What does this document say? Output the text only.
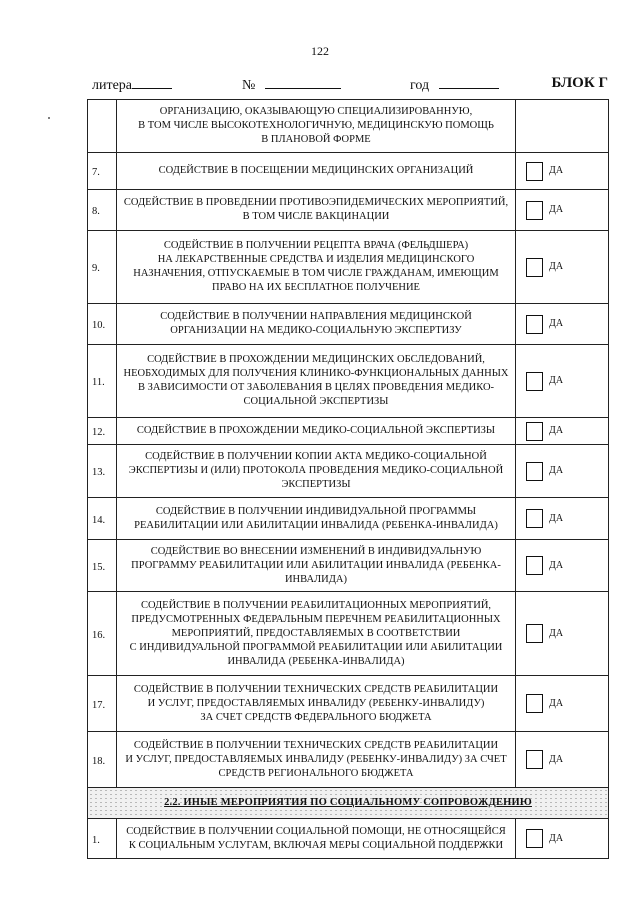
122
литера	№	год	БЛОК Г
	ОРГАНИЗАЦИЮ, ОКАЗЫВАЮЩУЮ СПЕЦИАЛИЗИРОВАННУЮ,
В ТОМ ЧИСЛЕ ВЫСОКОТЕХНОЛОГИЧНУЮ, МЕДИЦИНСКУЮ ПОМОЩЬ
В ПЛАНОВОЙ ФОРМЕ	
7.	СОДЕЙСТВИЕ В ПОСЕЩЕНИИ МЕДИЦИНСКИХ ОРГАНИЗАЦИЙ	ДА
8.	СОДЕЙСТВИЕ В ПРОВЕДЕНИИ ПРОТИВОЭПИДЕМИЧЕСКИХ МЕРОПРИЯТИЙ,
В ТОМ ЧИСЛЕ ВАКЦИНАЦИИ	ДА
9.	СОДЕЙСТВИЕ В ПОЛУЧЕНИИ РЕЦЕПТА ВРАЧА (ФЕЛЬДШЕРА)
НА ЛЕКАРСТВЕННЫЕ СРЕДСТВА И ИЗДЕЛИЯ МЕДИЦИНСКОГО
НАЗНАЧЕНИЯ, ОТПУСКАЕМЫЕ В ТОМ ЧИСЛЕ ГРАЖДАНАМ, ИМЕЮЩИМ
ПРАВО НА ИХ БЕСПЛАТНОЕ ПОЛУЧЕНИЕ	ДА
10.	СОДЕЙСТВИЕ В ПОЛУЧЕНИИ НАПРАВЛЕНИЯ МЕДИЦИНСКОЙ
ОРГАНИЗАЦИИ НА МЕДИКО-СОЦИАЛЬНУЮ ЭКСПЕРТИЗУ	ДА
11.	СОДЕЙСТВИЕ В ПРОХОЖДЕНИИ МЕДИЦИНСКИХ ОБСЛЕДОВАНИЙ,
НЕОБХОДИМЫХ ДЛЯ ПОЛУЧЕНИЯ КЛИНИКО-ФУНКЦИОНАЛЬНЫХ ДАННЫХ
В ЗАВИСИМОСТИ ОТ ЗАБОЛЕВАНИЯ В ЦЕЛЯХ ПРОВЕДЕНИЯ МЕДИКО-
СОЦИАЛЬНОЙ ЭКСПЕРТИЗЫ	ДА
12.	СОДЕЙСТВИЕ В ПРОХОЖДЕНИИ МЕДИКО-СОЦИАЛЬНОЙ ЭКСПЕРТИЗЫ	ДА
13.	СОДЕЙСТВИЕ В ПОЛУЧЕНИИ КОПИИ АКТА МЕДИКО-СОЦИАЛЬНОЙ
ЭКСПЕРТИЗЫ И (ИЛИ) ПРОТОКОЛА ПРОВЕДЕНИЯ МЕДИКО-СОЦИАЛЬНОЙ
ЭКСПЕРТИЗЫ	ДА
14.	СОДЕЙСТВИЕ В ПОЛУЧЕНИИ ИНДИВИДУАЛЬНОЙ ПРОГРАММЫ
РЕАБИЛИТАЦИИ ИЛИ АБИЛИТАЦИИ ИНВАЛИДА (РЕБЕНКА-ИНВАЛИДА)	ДА
15.	СОДЕЙСТВИЕ ВО ВНЕСЕНИИ ИЗМЕНЕНИЙ В ИНДИВИДУАЛЬНУЮ
ПРОГРАММУ РЕАБИЛИТАЦИИ ИЛИ АБИЛИТАЦИИ ИНВАЛИДА (РЕБЕНКА-
ИНВАЛИДА)	ДА
16.	СОДЕЙСТВИЕ В ПОЛУЧЕНИИ РЕАБИЛИТАЦИОННЫХ МЕРОПРИЯТИЙ,
ПРЕДУСМОТРЕННЫХ ФЕДЕРАЛЬНЫМ ПЕРЕЧНЕМ РЕАБИЛИТАЦИОННЫХ
МЕРОПРИЯТИЙ, ПРЕДОСТАВЛЯЕМЫХ В СООТВЕТСТВИИ
С ИНДИВИДУАЛЬНОЙ ПРОГРАММОЙ РЕАБИЛИТАЦИИ ИЛИ АБИЛИТАЦИИ
ИНВАЛИДА (РЕБЕНКА-ИНВАЛИДА)	ДА
17.	СОДЕЙСТВИЕ В ПОЛУЧЕНИИ ТЕХНИЧЕСКИХ СРЕДСТВ РЕАБИЛИТАЦИИ
И УСЛУГ, ПРЕДОСТАВЛЯЕМЫХ ИНВАЛИДУ (РЕБЕНКУ-ИНВАЛИДУ)
ЗА СЧЕТ СРЕДСТВ ФЕДЕРАЛЬНОГО БЮДЖЕТА	ДА
18.	СОДЕЙСТВИЕ В ПОЛУЧЕНИИ ТЕХНИЧЕСКИХ СРЕДСТВ РЕАБИЛИТАЦИИ
И УСЛУГ, ПРЕДОСТАВЛЯЕМЫХ ИНВАЛИДУ (РЕБЕНКУ-ИНВАЛИДУ) ЗА СЧЕТ
СРЕДСТВ РЕГИОНАЛЬНОГО БЮДЖЕТА	ДА
2.2. ИНЫЕ МЕРОПРИЯТИЯ ПО СОЦИАЛЬНОМУ СОПРОВОЖДЕНИЮ		
1.	СОДЕЙСТВИЕ В ПОЛУЧЕНИИ СОЦИАЛЬНОЙ ПОМОЩИ, НЕ ОТНОСЯЩЕЙСЯ
К СОЦИАЛЬНЫМ УСЛУГАМ, ВКЛЮЧАЯ МЕРЫ СОЦИАЛЬНОЙ ПОДДЕРЖКИ	ДА
